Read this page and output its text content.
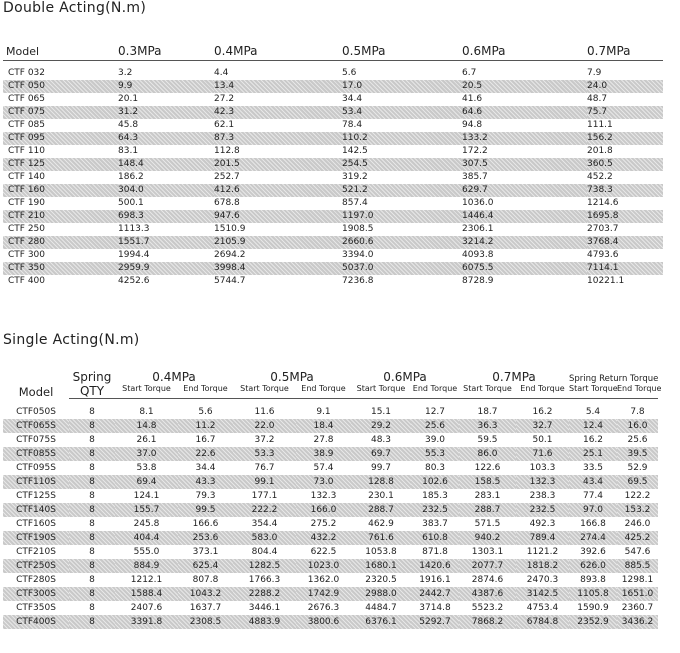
Double Acting(N.m)
Model	0.3MPa	0.4MPa	0.5MPa	0.6MPa	0.7MPa
CTF 032	3.2	4.4	5.6	6.7	7.9
CTF 050	9.9	13.4	17.0	20.5	24.0
CTF 065	20.1	27.2	34.4	41.6	48.7
CTF 075	31.2	42.3	53.4	64.6	75.7
CTF 085	45.8	62.1	78.4	94.8	111.1
CTF 095	64.3	87.3	110.2	133.2	156.2
CTF 110	83.1	112.8	142.5	172.2	201.8
CTF 125	148.4	201.5	254.5	307.5	360.5
CTF 140	186.2	252.7	319.2	385.7	452.2
CTF 160	304.0	412.6	521.2	629.7	738.3
CTF 190	500.1	678.8	857.4	1036.0	1214.6
CTF 210	698.3	947.6	1197.0	1446.4	1695.8
CTF 250	1113.3	1510.9	1908.5	2306.1	2703.7
CTF 280	1551.7	2105.9	2660.6	3214.2	3768.4
CTF 300	1994.4	2694.2	3394.0	4093.8	4793.6
CTF 350	2959.9	3998.4	5037.0	6075.5	7114.1
CTF 400	4252.6	5744.7	7236.8	8728.9	10221.1
Single Acting(N.m)
Model	Spring	0.4MPa		0.5MPa		0.6MPa		0.7MPa		Spring Return Torque	
	QTY	Start Torque	End Torque	Start Torque	End Torque	Start Torque	End Torque	Start Torque	End Torque	Start Torque	End Torque
CTF050S	8	8.1	5.6	11.6	9.1	15.1	12.7	18.7	16.2	5.4	7.8
CTF065S	8	14.8	11.2	22.0	18.4	29.2	25.6	36.3	32.7	12.4	16.0
CTF075S	8	26.1	16.7	37.2	27.8	48.3	39.0	59.5	50.1	16.2	25.6
CTF085S	8	37.0	22.6	53.3	38.9	69.7	55.3	86.0	71.6	25.1	39.5
CTF095S	8	53.8	34.4	76.7	57.4	99.7	80.3	122.6	103.3	33.5	52.9
CTF110S	8	69.4	43.3	99.1	73.0	128.8	102.6	158.5	132.3	43.4	69.5
CTF125S	8	124.1	79.3	177.1	132.3	230.1	185.3	283.1	238.3	77.4	122.2
CTF140S	8	155.7	99.5	222.2	166.0	288.7	232.5	288.7	232.5	97.0	153.2
CTF160S	8	245.8	166.6	354.4	275.2	462.9	383.7	571.5	492.3	166.8	246.0
CTF190S	8	404.4	253.6	583.0	432.2	761.6	610.8	940.2	789.4	274.4	425.2
CTF210S	8	555.0	373.1	804.4	622.5	1053.8	871.8	1303.1	1121.2	392.6	547.6
CTF250S	8	884.9	625.4	1282.5	1023.0	1680.1	1420.6	2077.7	1818.2	626.0	885.5
CTF280S	8	1212.1	807.8	1766.3	1362.0	2320.5	1916.1	2874.6	2470.3	893.8	1298.1
CTF300S	8	1588.4	1043.2	2288.2	1742.9	2988.0	2442.7	4387.6	3142.5	1105.8	1651.0
CTF350S	8	2407.6	1637.7	3446.1	2676.3	4484.7	3714.8	5523.2	4753.4	1590.9	2360.7
CTF400S	8	3391.8	2308.5	4883.9	3800.6	6376.1	5292.7	7868.2	6784.8	2352.9	3436.2
